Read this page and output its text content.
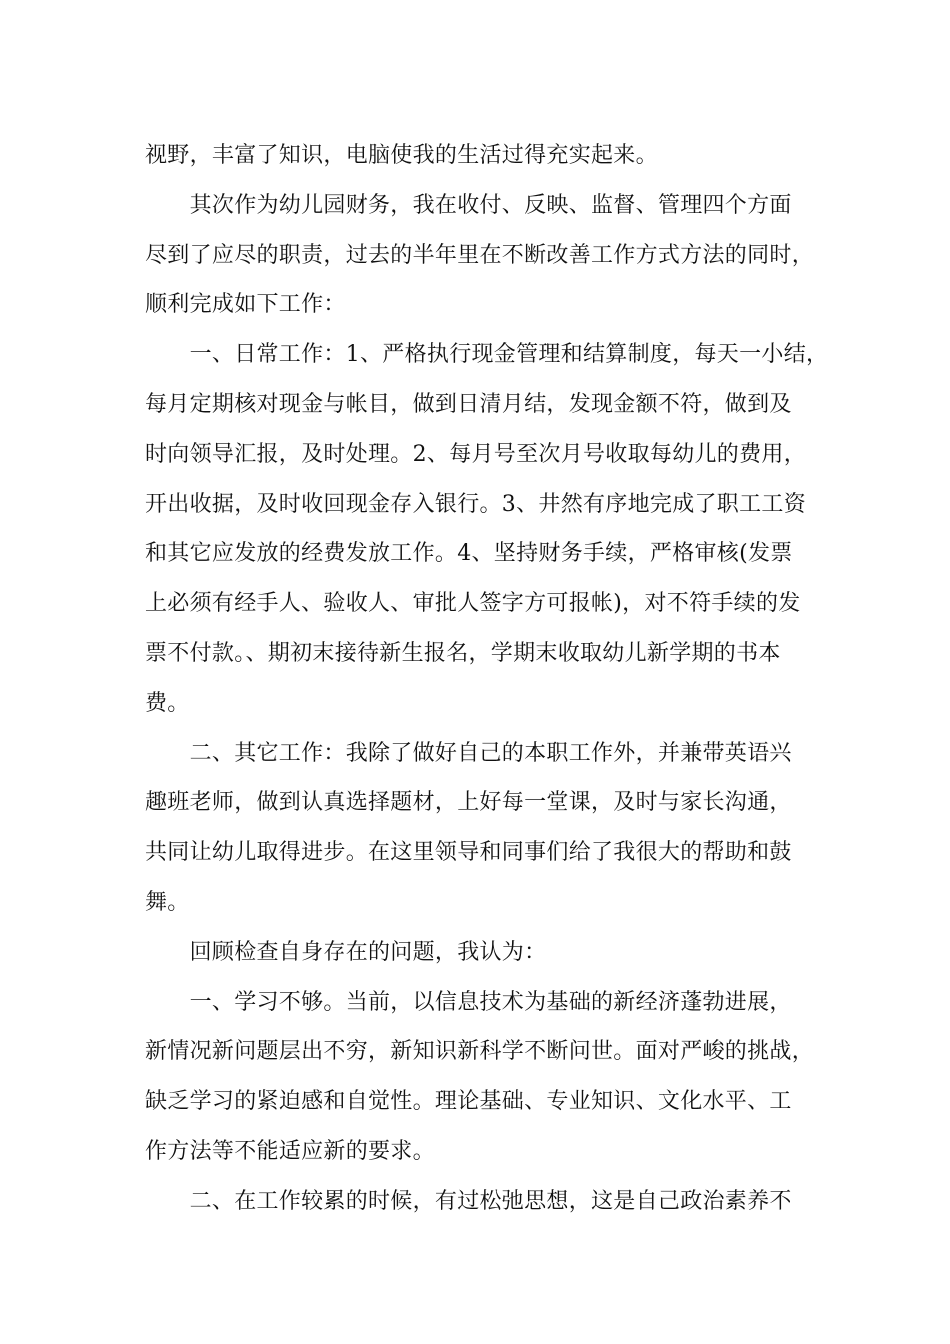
视野，丰富了知识，电脑使我的生活过得充实起来。
　　其次作为幼儿园财务，我在收付、反映、监督、管理四个方面
尽到了应尽的职责，过去的半年里在不断改善工作方式方法的同时，
顺利完成如下工作：
　　一、日常工作：1、严格执行现金管理和结算制度，每天一小结，
每月定期核对现金与帐目，做到日清月结，发现金额不符，做到及
时向领导汇报，及时处理。2、每月号至次月号收取每幼儿的费用，
开出收据，及时收回现金存入银行。3、井然有序地完成了职工工资
和其它应发放的经费发放工作。4、坚持财务手续，严格审核(发票
上必须有经手人、验收人、审批人签字方可报帐)，对不符手续的发
票不付款。、期初末接待新生报名，学期末收取幼儿新学期的书本
费。
　　二、其它工作：我除了做好自己的本职工作外，并兼带英语兴
趣班老师，做到认真选择题材，上好每一堂课，及时与家长沟通，
共同让幼儿取得进步。在这里领导和同事们给了我很大的帮助和鼓
舞。
　　回顾检查自身存在的问题，我认为：
　　一、学习不够。当前，以信息技术为基础的新经济蓬勃进展，
新情况新问题层出不穷，新知识新科学不断问世。面对严峻的挑战，
缺乏学习的紧迫感和自觉性。理论基础、专业知识、文化水平、工
作方法等不能适应新的要求。
　　二、在工作较累的时候，有过松弛思想，这是自己政治素养不
